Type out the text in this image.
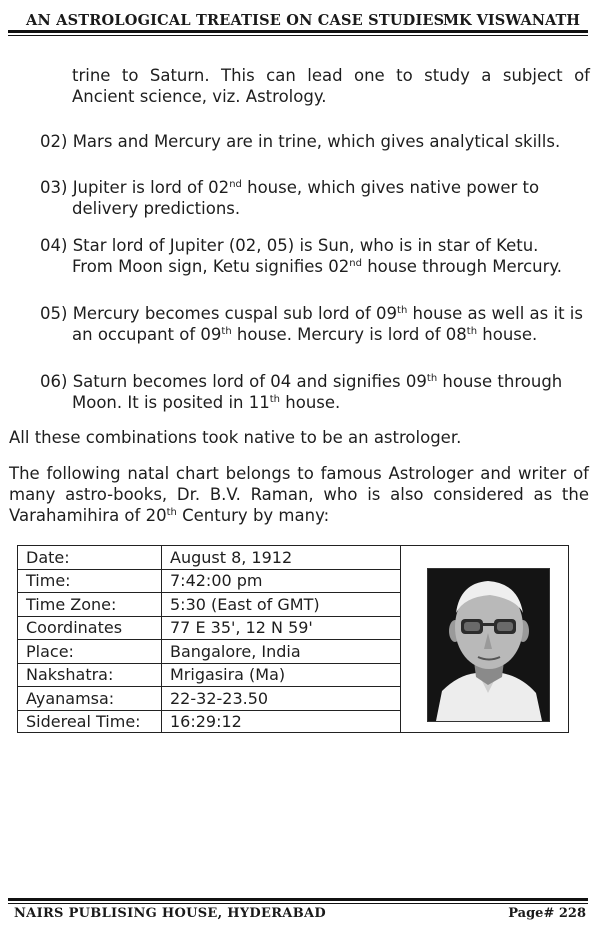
AN ASTROLOGICAL TREATISE ON CASE STUDIES
MK VISWANATH
trine to Saturn. This can lead one to study a subject of
Ancient science, viz. Astrology.
02) Mars and Mercury are in trine, which gives analytical skills.
03) Jupiter is lord of 02nd house, which gives native power to
delivery predictions.
04) Star lord of Jupiter (02, 05) is Sun, who is in star of Ketu.
From Moon sign, Ketu signifies 02nd house through Mercury.
05) Mercury becomes cuspal sub lord of 09th house as well as it is
an occupant of 09th house. Mercury is lord of 08th house.
06) Saturn becomes lord of 04 and signifies 09th house through
Moon. It is posited in 11th house.
All these combinations took native to be an astrologer.
The following natal chart belongs to famous Astrologer and writer of
many astro-books, Dr. B.V. Raman, who is also considered as the
Varahamihira of 20th Century by many:
Date:	August 8, 1912
Time:	7:42:00 pm
Time Zone:	5:30 (East of GMT)
Coordinates	77 E 35', 12 N 59'
Place:	Bangalore, India
Nakshatra:	Mrigasira (Ma)
Ayanamsa:	22-32-23.50
Sidereal Time:	16:29:12
NAIRS PUBLISING HOUSE, HYDERABAD	Page# 228
